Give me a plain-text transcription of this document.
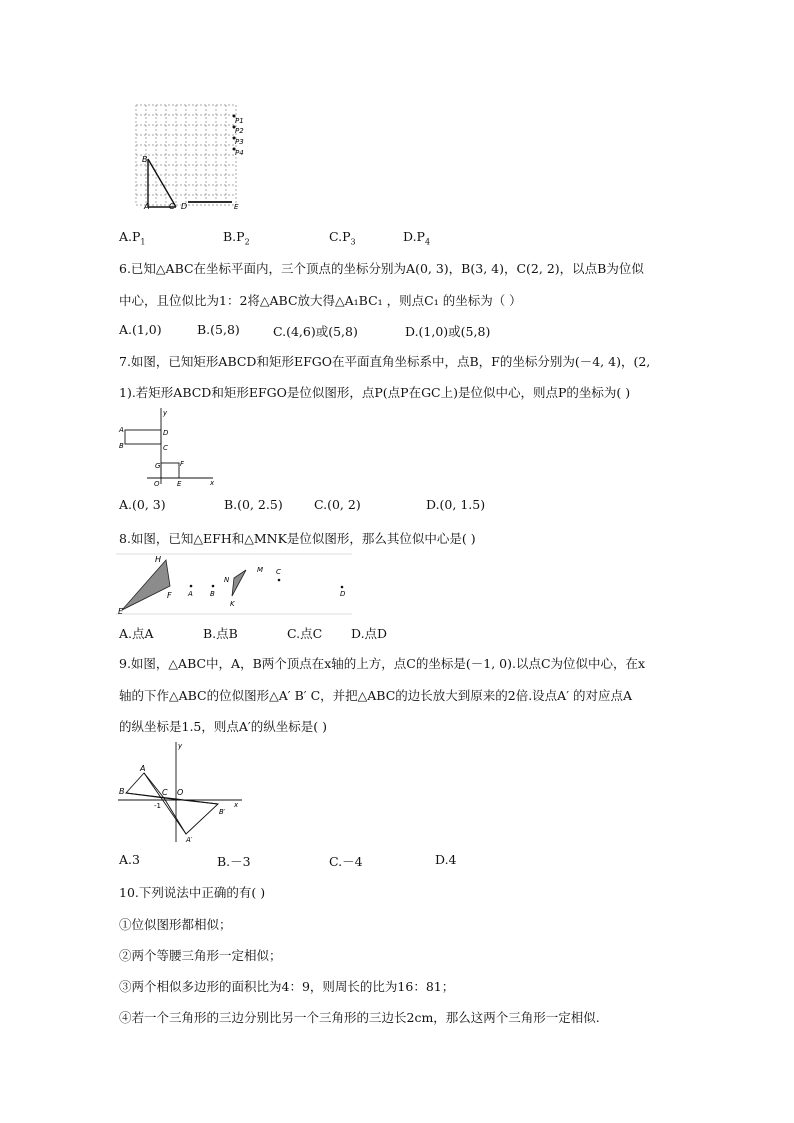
B
A C D	E
P1
P2
P3
P4
$A.P_1$	$B.P_2$	$C.P_3$	$D.P_4$
6.已知△ABC在坐标平面内，三个顶点的坐标分别为A(0, 3)，B(3, 4)，C(2, 2)，以点B为位似
中心，且位似比为1：2将△ABC放大得△A₁BC₁ ，则点C₁ 的坐标为（ ）
A.(1,0)	B.(5,8)	C.(4,6)或(5,8)	D.(1,0)或(5,8)
7.如图，已知矩形ABCD和矩形EFGO在平面直角坐标系中，点B，F的坐标分别为(－4, 4)，(2,
1).若矩形ABCD和矩形EFGO是位似图形，点P(点P在GC上)是位似中心，则点P的坐标为( )
y
A	D
B	C
G	F
O E	x
A.(0, 3)	B.(0, 2.5)	C.(0, 2)	D.(0, 1.5)
8.如图，已知△EFH和△MNK是位似图形，那么其位似中心是( )
H
E
F A B
N
M
K
C
D
A.点A	B.点B	C.点C D.点D
9.如图，△ABC中，A，B两个顶点在x轴的上方，点C的坐标是(－1, 0).以点C为位似中心，在x
轴的下作△ABC的位似图形△A′ B′ C，并把△ABC的边长放大到原来的2倍.设点A′ 的对应点A
的纵坐标是1.5，则点A′的纵坐标是( )
y
A
B	C O
-1	x
B′
A′
A.3	B.－3	C.－4	D.4
10.下列说法中正确的有( )
①位似图形都相似；
②两个等腰三角形一定相似；
③两个相似多边形的面积比为4：9，则周长的比为16：81；
④若一个三角形的三边分别比另一个三角形的三边长2cm，那么这两个三角形一定相似.
